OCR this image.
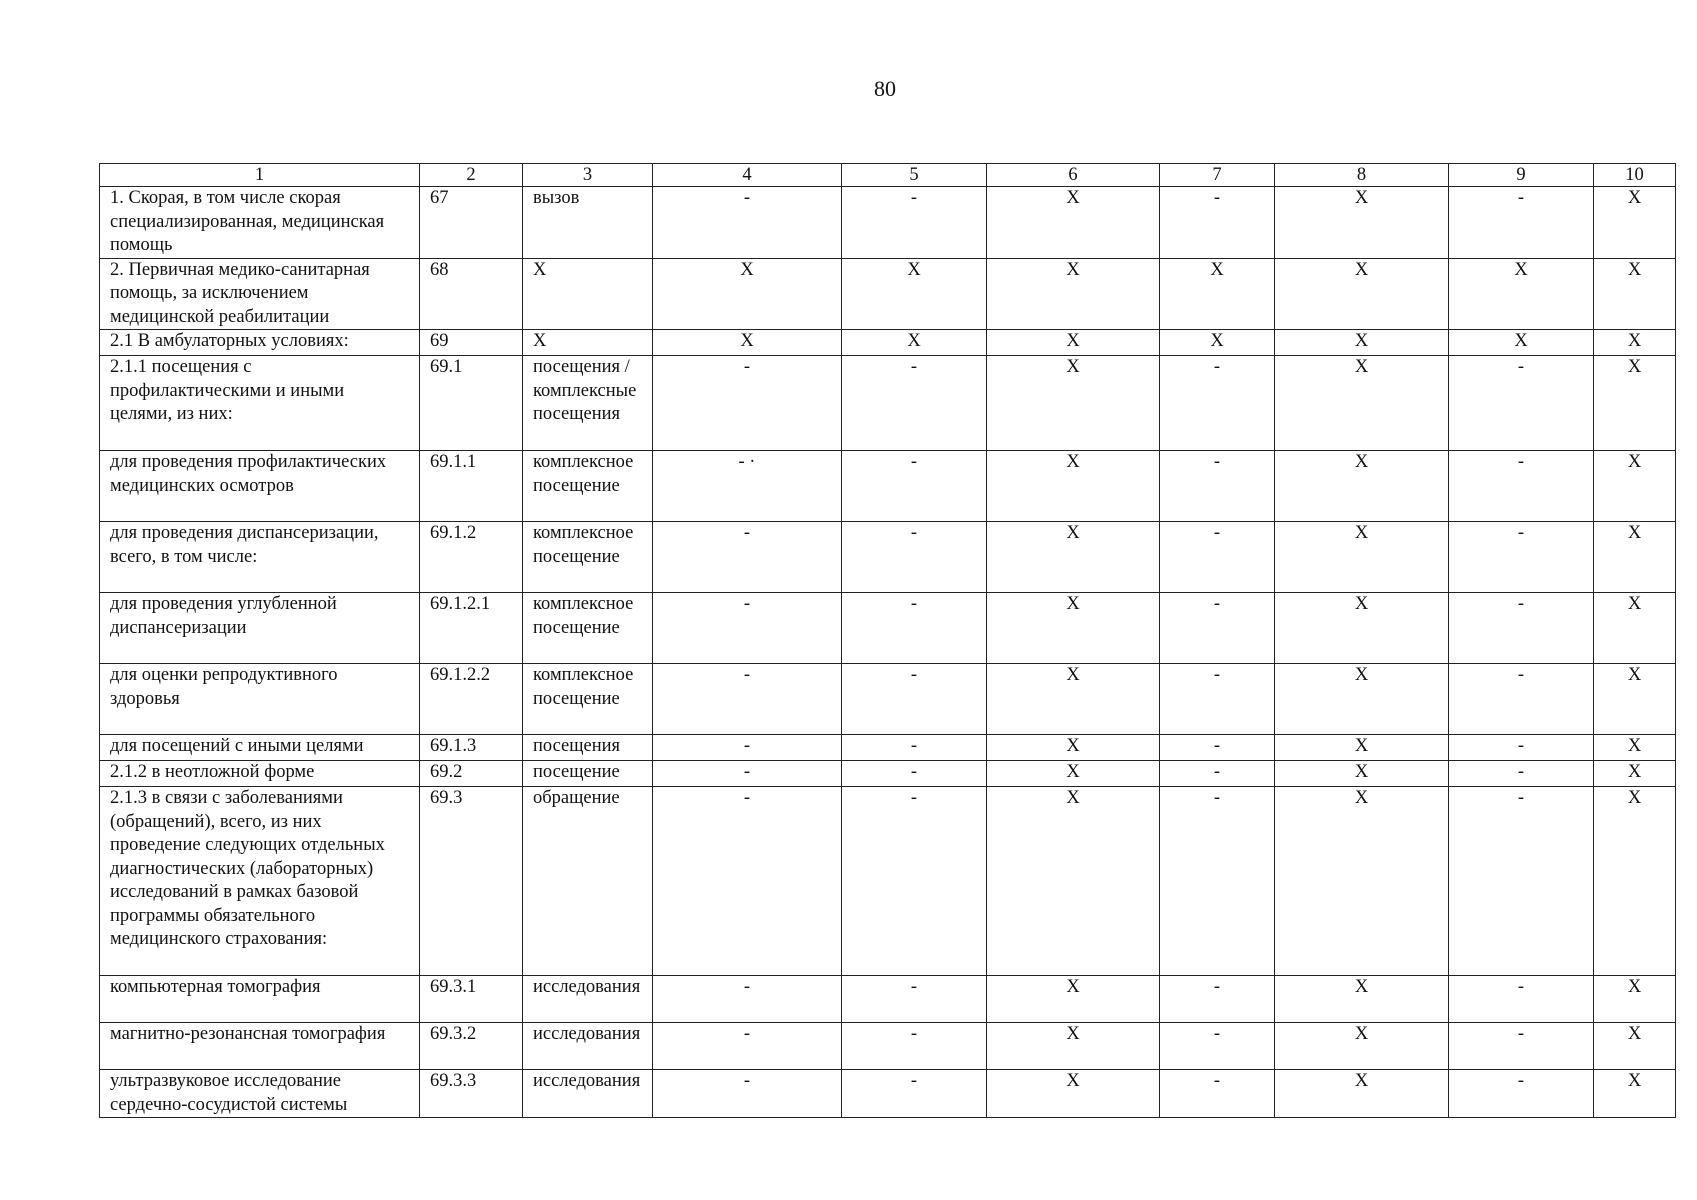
80
1	2	3	4	5	6	7	8	9	10
1. Скорая, в том числе скорая специализированная, медицинская помощь	67	вызов	-	-	X	-	X	-	X
2. Первичная медико-санитарная помощь, за исключением медицинской реабилитации	68	X	X	X	X	X	X	X	X
2.1 В амбулаторных условиях:	69	X	X	X	X	X	X	X	X
2.1.1 посещения с профилактическими и иными целями, из них:	69.1	посещения / комплексные посещения	-	-	X	-	X	-	X
для проведения профилактических медицинских осмотров	69.1.1	комплексное посещение	- ·	-	X	-	X	-	X
для проведения диспансеризации, всего, в том числе:	69.1.2	комплексное посещение	-	-	X	-	X	-	X
для проведения углубленной диспансеризации	69.1.2.1	комплексное посещение	-	-	X	-	X	-	X
для оценки репродуктивного здоровья	69.1.2.2	комплексное посещение	-	-	X	-	X	-	X
для посещений с иными целями	69.1.3	посещения	-	-	X	-	X	-	X
2.1.2 в неотложной форме	69.2	посещение	-	-	X	-	X	-	X
2.1.3 в связи с заболеваниями (обращений), всего, из них проведение следующих отдельных диагностических (лабораторных) исследований в рамках базовой программы обязательного медицинского страхования:	69.3	обращение	-	-	X	-	X	-	X
компьютерная томография	69.3.1	исследования	-	-	X	-	X	-	X
магнитно-резонансная томография	69.3.2	исследования	-	-	X	-	X	-	X
ультразвуковое исследование сердечно-сосудистой системы	69.3.3	исследования	-	-	X	-	X	-	X
